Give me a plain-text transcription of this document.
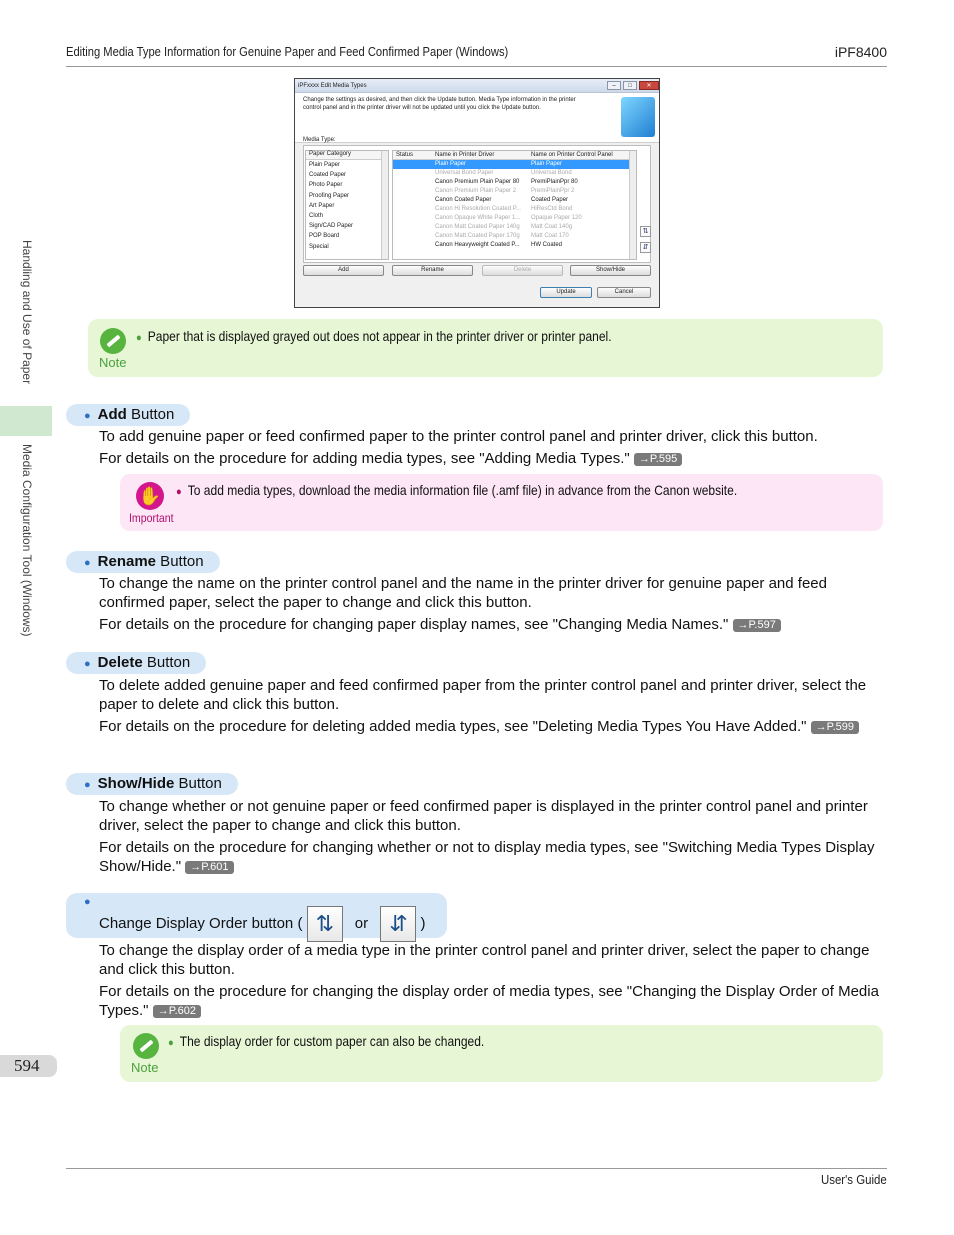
Editing Media Type Information for Genuine Paper and Feed Confirmed Paper (Windows)	iPF8400
Handling and Use of Paper
Media Configuration Tool (Windows)
iPFxxxx Edit Media Types	–	□	✕
Change the settings as desired, and then click the Update button. Media Type information in the printer control panel and in the printer driver will not be updated until you click the Update button.
Media Type:
Paper Category
Plain Paper
Coated Paper
Photo Paper
Proofing Paper
Art Paper
Cloth
Sign/CAD Paper
POP Board
Special
Status	Name in Printer Driver	Name on Printer Control Panel
Plain Paper	Plain Paper
Universal Bond Paper	Universal Bond
Canon Premium Plain Paper 80	PremiPlainPpr 80
Canon Premium Plain Paper 2	PremiPlainPpr 2
Canon Coated Paper	Coated Paper
Canon Hi Resolution Coated P...	HiResCtd Bond
Canon Opaque White Paper 1...	Opaque Paper 120
Canon Matt Coated Paper 140g	Matt Coat 140g
Canon Matt Coated Paper 170g	Matt Coat 170
Canon Heavyweight Coated P...	HW Coated
⇅
⇵
Add	Rename	Delete	Show/Hide
Update	Cancel
Note
● Paper that is displayed grayed out does not appear in the printer driver or printer panel.
● Add Button
To add genuine paper or feed confirmed paper to the printer control panel and printer driver, click this button.
For details on the procedure for adding media types, see "Adding Media Types." →P.595
✋
Important
● To add media types, download the media information file (.amf file) in advance from the Canon website.
● Rename Button
To change the name on the printer control panel and the name in the printer driver for genuine paper and feed confirmed paper, select the paper to change and click this button.
For details on the procedure for changing paper display names, see "Changing Media Names." →P.597
● Delete Button
To delete added genuine paper and feed confirmed paper from the printer control panel and printer driver, select the paper to delete and click this button.
For details on the procedure for deleting added media types, see "Deleting Media Types You Have Added." →P.599
● Show/Hide Button
To change whether or not genuine paper or feed confirmed paper is displayed in the printer control panel and printer driver, select the paper to change and click this button.
For details on the procedure for changing whether or not to display media types, see "Switching Media Types Display Show/Hide." →P.601
●
Change Display Order button ( ⇅ or ⇵ )
To change the display order of a media type in the printer control panel and printer driver, select the paper to change and click this button.
For details on the procedure for changing the display order of media types, see "Changing the Display Order of Media Types." →P.602
Note
● The display order for custom paper can also be changed.
594
User's Guide
